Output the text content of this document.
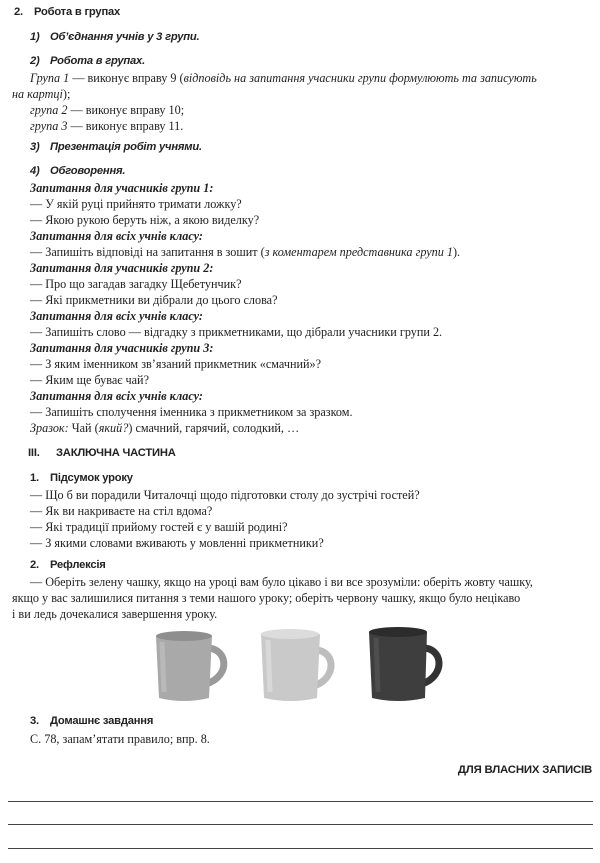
2. Робота в групах
1) Об’єднання учнів у 3 групи.
2) Робота в групах.
Група 1 — виконує вправу 9 (відповідь на запитання учасники групи формулюють та записують
на картці);
група 2 — виконує вправу 10;
група 3 — виконує вправу 11.
3) Презентація робіт учнями.
4) Обговорення.
Запитання для учасників групи 1:
— У якій руці прийнято тримати ложку?
— Якою рукою беруть ніж, а якою виделку?
Запитання для всіх учнів класу:
— Запишіть відповіді на запитання в зошит (з коментарем представника групи 1).
Запитання для учасників групи 2:
— Про що загадав загадку Щебетунчик?
— Які прикметники ви дібрали до цього слова?
Запитання для всіх учнів класу:
— Запишіть слово — відгадку з прикметниками, що дібрали учасники групи 2.
Запитання для учасників групи 3:
— З яким іменником зв’язаний прикметник «смачний»?
— Яким ще буває чай?
Запитання для всіх учнів класу:
— Запишіть сполучення іменника з прикметником за зразком.
Зразок: Чай (який?) смачний, гарячий, солодкий, …
ІІІ. ЗАКЛЮЧНА ЧАСТИНА
1. Підсумок уроку
— Що б ви порадили Читалочці щодо підготовки столу до зустрічі гостей?
— Як ви накриваєте на стіл вдома?
— Які традиції прийому гостей є у вашій родині?
— З якими словами вживають у мовленні прикметники?
2. Рефлексія
— Оберіть зелену чашку, якщо на уроці вам було цікаво і ви все зрозуміли: оберіть жовту чашку,
якщо у вас залишилися питання з теми нашого уроку; оберіть червону чашку, якщо було нецікаво
і ви ледь дочекалися завершення уроку.
3. Домашнє завдання
С. 78, запам’ятати правило; впр. 8.
ДЛЯ ВЛАСНИХ ЗАПИСІВ
